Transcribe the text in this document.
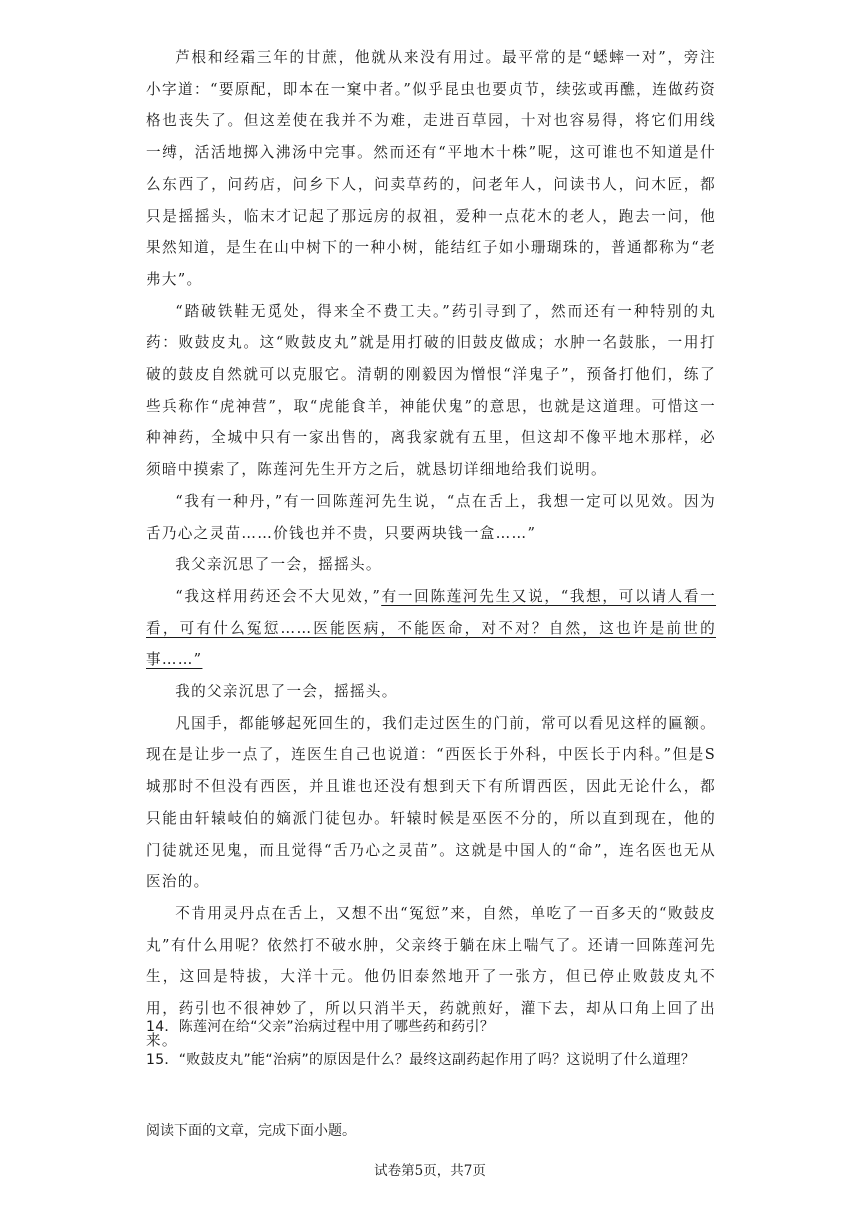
芦根和经霜三年的甘蔗，他就从来没有用过。最平常的是“蟋蟀一对”，旁注小字道：“要原配，即本在一窠中者。”似乎昆虫也要贞节，续弦或再醮，连做药资格也丧失了。但这差使在我并不为难，走进百草园，十对也容易得，将它们用线一缚，活活地掷入沸汤中完事。然而还有“平地木十株”呢，这可谁也不知道是什么东西了，问药店，问乡下人，问卖草药的，问老年人，问读书人，问木匠，都只是摇摇头，临末才记起了那远房的叔祖，爱种一点花木的老人，跑去一问，他果然知道，是生在山中树下的一种小树，能结红子如小珊瑚珠的，普通都称为“老弗大”。

“踏破铁鞋无觅处，得来全不费工夫。”药引寻到了，然而还有一种特别的丸药：败鼓皮丸。这“败鼓皮丸”就是用打破的旧鼓皮做成；水肿一名鼓胀，一用打破的鼓皮自然就可以克服它。清朝的刚毅因为憎恨“洋鬼子”，预备打他们，练了些兵称作“虎神营”，取“虎能食羊，神能伏鬼”的意思，也就是这道理。可惜这一种神药，全城中只有一家出售的，离我家就有五里，但这却不像平地木那样，必须暗中摸索了，陈莲河先生开方之后，就恳切详细地给我们说明。

“我有一种丹，”有一回陈莲河先生说，“点在舌上，我想一定可以见效。因为舌乃心之灵苗……价钱也并不贵，只要两块钱一盒……”

我父亲沉思了一会，摇摇头。

“我这样用药还会不大见效，”有一回陈莲河先生又说，“我想，可以请人看一看，可有什么冤愆……医能医病，不能医命，对不对？自然，这也许是前世的事……”

我的父亲沉思了一会，摇摇头。

凡国手，都能够起死回生的，我们走过医生的门前，常可以看见这样的匾额。现在是让步一点了，连医生自己也说道：“西医长于外科，中医长于内科。”但是S城那时不但没有西医，并且谁也还没有想到天下有所谓西医，因此无论什么，都只能由轩辕岐伯的嫡派门徒包办。轩辕时候是巫医不分的，所以直到现在，他的门徒就还见鬼，而且觉得“舌乃心之灵苗”。这就是中国人的“命”，连名医也无从医治的。

不肯用灵丹点在舌上，又想不出“冤愆”来，自然，单吃了一百多天的“败鼓皮丸”有什么用呢？依然打不破水肿，父亲终于躺在床上喘气了。还请一回陈莲河先生，这回是特拔，大洋十元。他仍旧泰然地开了一张方，但已停止败鼓皮丸不用，药引也不很神妙了，所以只消半天，药就煎好，灌下去，却从口角上回了出来。

14．陈莲河在给“父亲”治病过程中用了哪些药和药引？
15．“败鼓皮丸”能“治病”的原因是什么？最终这副药起作用了吗？这说明了什么道理？
阅读下面的文章，完成下面小题。
试卷第5页，共7页
